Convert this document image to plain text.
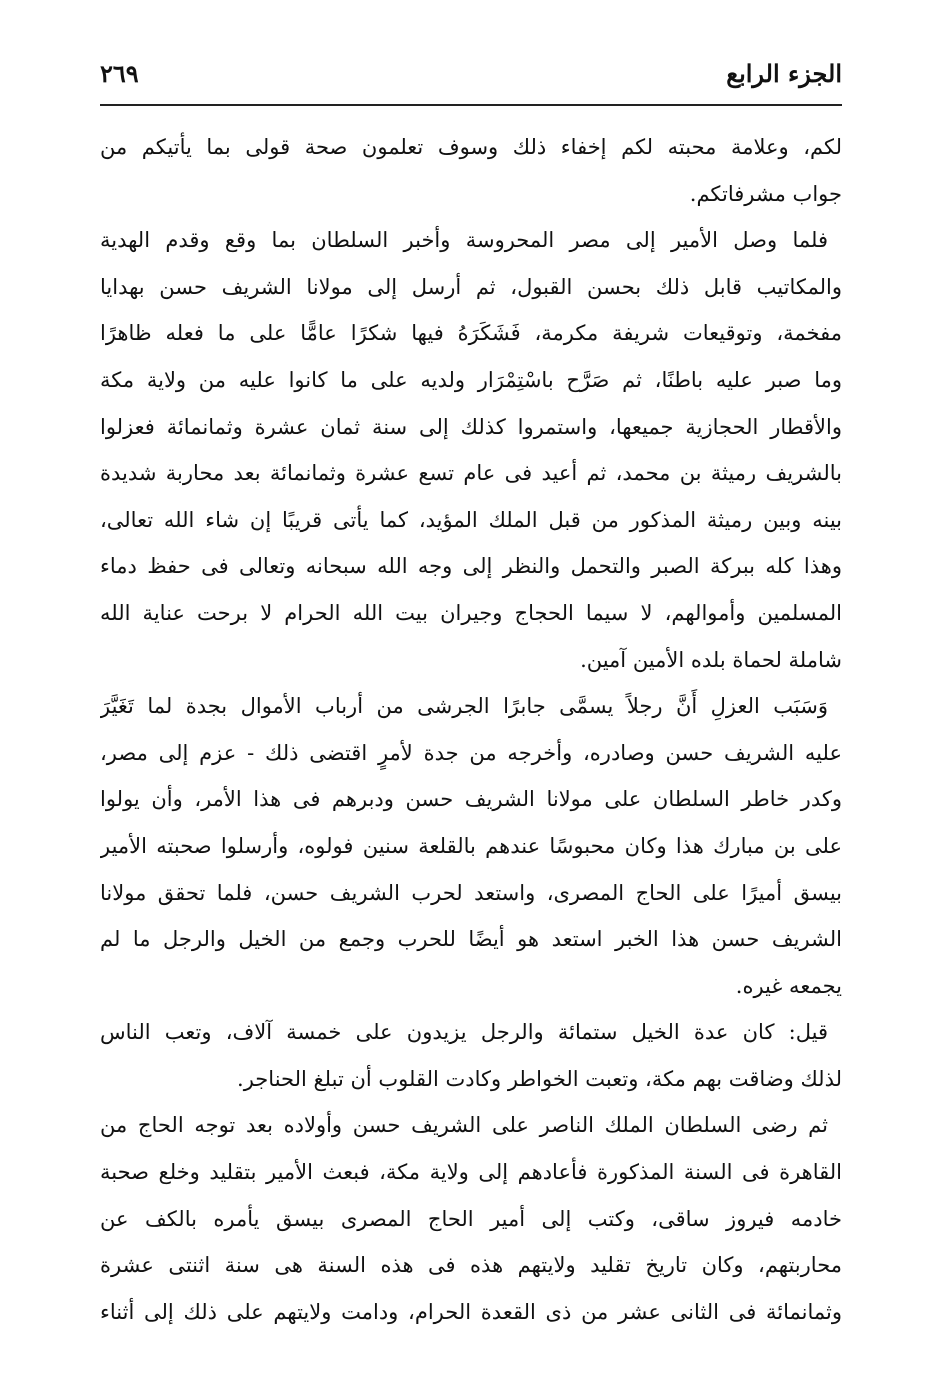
الجزء الرابع
٢٦٩
لكم، وعلامة محبته لكم إخفاء ذلك وسوف تعلمون صحة قولى بما يأتيكم من
جواب مشرفاتكم.
فلما وصل الأمير إلى مصر المحروسة وأخبر السلطان بما وقع وقدم الهدية
والمكاتيب قابل ذلك بحسن القبول، ثم أرسل إلى مولانا الشريف حسن بهدايا
مفخمة، وتوقيعات شريفة مكرمة، فَشَكَرَهُ فيها شكرًا عامًّا على ما فعله ظاهرًا
وما صبر عليه باطنًا، ثم صَرَّح باسْتِمْرَار ولديه على ما كانوا عليه من ولاية مكة
والأقطار الحجازية جميعها، واستمروا كذلك إلى سنة ثمان عشرة وثمانمائة فعزلوا
بالشريف رميثة بن محمد، ثم أعيد فى عام تسع عشرة وثمانمائة بعد محاربة شديدة
بينه وبين رميثة المذكور من قبل الملك المؤيد، كما يأتى قريبًا إن شاء الله تعالى،
وهذا كله ببركة الصبر والتحمل والنظر إلى وجه الله سبحانه وتعالى فى حفظ دماء
المسلمين وأموالهم، لا سيما الحجاج وجيران بيت الله الحرام لا برحت عناية الله
شاملة لحماة بلده الأمين آمين.
وَسَبَب العزلِ أَنَّ رجلاً يسمَّى جابرًا الجرشى من أرباب الأموال بجدة لما تَغَيَّرَ
عليه الشريف حسن وصادره، وأخرجه من جدة لأمرٍ اقتضى ذلك - عزم إلى مصر،
وكدر خاطر السلطان على مولانا الشريف حسن ودبرهم فى هذا الأمر، وأن يولوا
على بن مبارك هذا وكان محبوسًا عندهم بالقلعة سنين فولوه، وأرسلوا صحبته الأمير
بيسق أميرًا على الحاج المصرى، واستعد لحرب الشريف حسن، فلما تحقق مولانا
الشريف حسن هذا الخبر استعد هو أيضًا للحرب وجمع من الخيل والرجل ما لم
يجمعه غيره.
قيل: كان عدة الخيل ستمائة والرجل يزيدون على خمسة آلاف، وتعب الناس
لذلك وضاقت بهم مكة، وتعبت الخواطر وكادت القلوب أن تبلغ الحناجر.
ثم رضى السلطان الملك الناصر على الشريف حسن وأولاده بعد توجه الحاج من
القاهرة فى السنة المذكورة فأعادهم إلى ولاية مكة، فبعث الأمير بتقليد وخلع صحبة
خادمه فيروز ساقى، وكتب إلى أمير الحاج المصرى بيسق يأمره بالكف عن
محاربتهم، وكان تاريخ تقليد ولايتهم هذه فى هذه السنة هى سنة اثنتى عشرة
وثمانمائة فى الثانى عشر من ذى القعدة الحرام، ودامت ولايتهم على ذلك إلى أثناء
